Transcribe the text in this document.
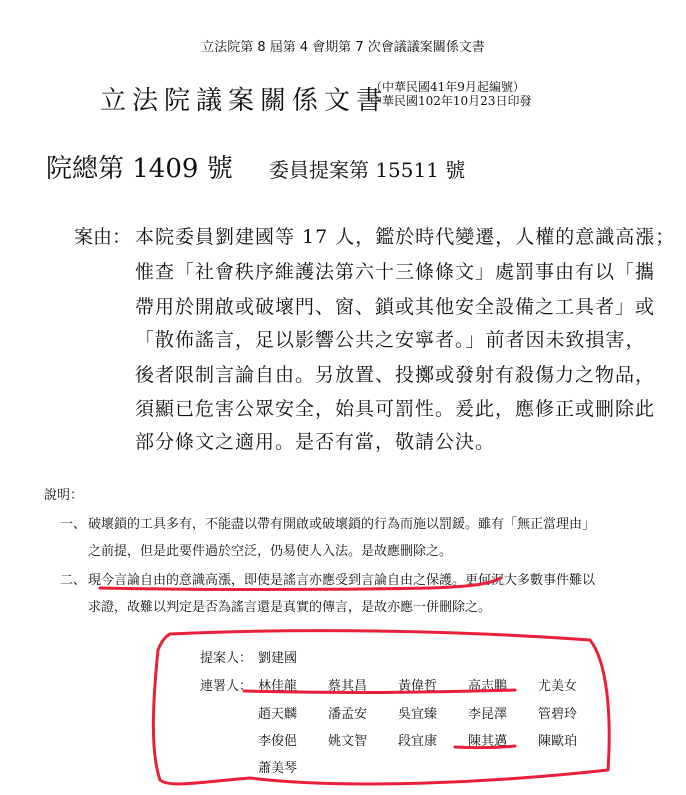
立法院第 8 屆第 4 會期第 7 次會議議案關係文書
立法院議案關係文書
（中華民國41年9月起編號）
中華民國102年10月23日印發
院總第 1409 號 委員提案第 15511 號
案由： 本院委員劉建國等 17 人，鑑於時代變遷，人權的意識高漲；
惟查「社會秩序維護法第六十三條條文」處罰事由有以「攜
帶用於開啟或破壞門、窗、鎖或其他安全設備之工具者」或
「散佈謠言，足以影響公共之安寧者。」前者因未致損害，
後者限制言論自由。另放置、投擲或發射有殺傷力之物品，
須顯已危害公眾安全，始具可罰性。爰此，應修正或刪除此
部分條文之適用。是否有當，敬請公決。
說明：
一、 破壞鎖的工具多有，不能盡以帶有開啟或破壞鎖的行為而施以罰鍰。雖有「無正當理由」
之前提，但是此要件過於空泛，仍易使人入法。是故應刪除之。
二、 現今言論自由的意識高漲，即使是謠言亦應受到言論自由之保護。更何況大多數事件難以
求證，故難以判定是否為謠言還是真實的傳言，是故亦應一併刪除之。
提案人： 劉建國
連署人： 林佳龍 蔡其昌 黃偉哲 高志鵬 尤美女
趙天麟 潘孟安 吳宜臻 李昆澤 管碧玲
李俊俋 姚文智 段宜康 陳其邁 陳歐珀
蕭美琴
